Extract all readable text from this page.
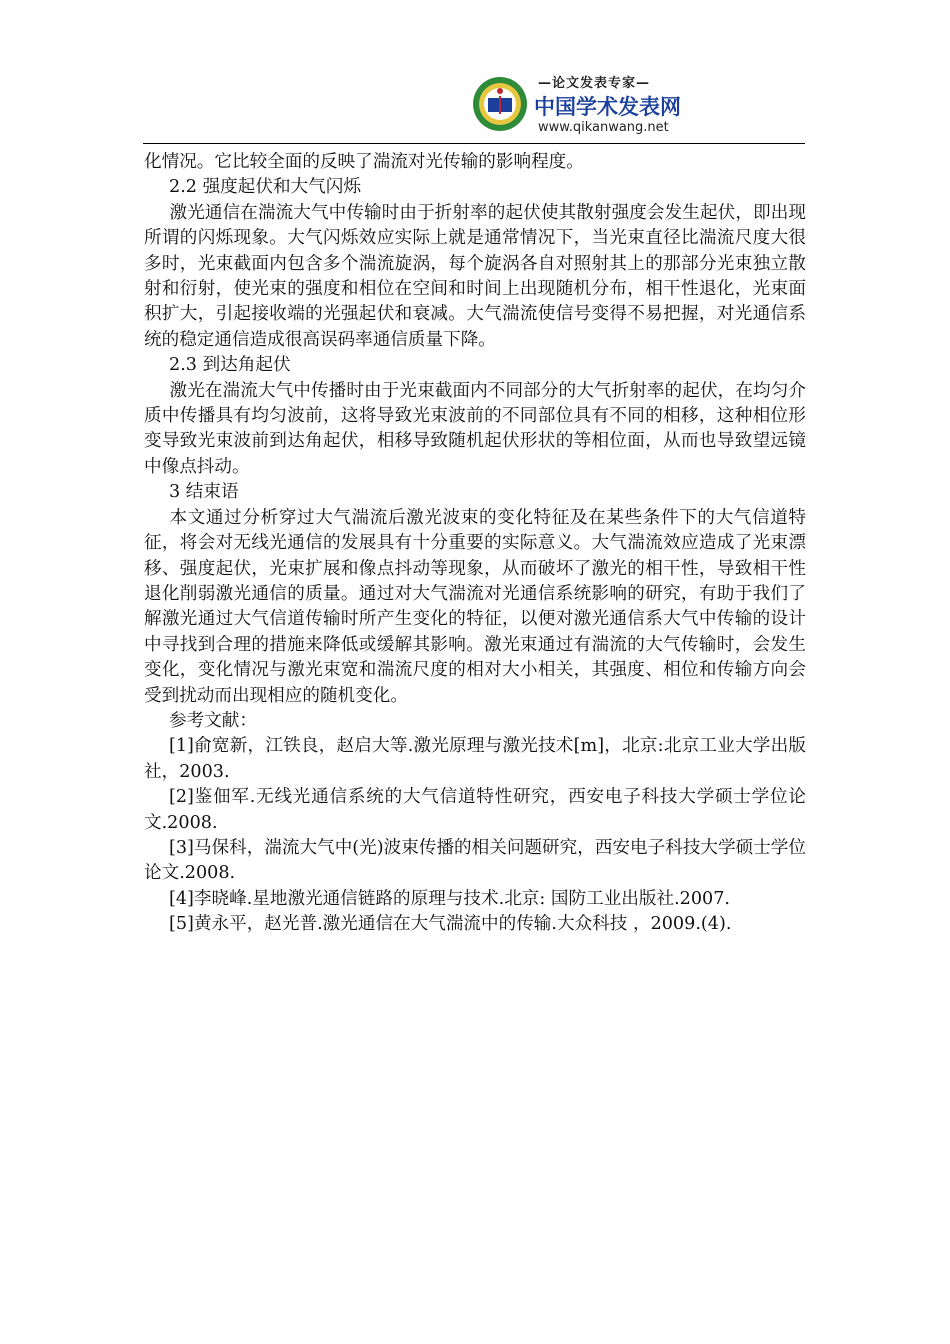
—论文发表专家—
中国学术发表网
www.qikanwang.net

化情况。它比较全面的反映了湍流对光传输的影响程度。

2.2 强度起伏和大气闪烁

激光通信在湍流大气中传输时由于折射率的起伏使其散射强度会发生起伏，即出现所谓的闪烁现象。大气闪烁效应实际上就是通常情况下，当光束直径比湍流尺度大很多时，光束截面内包含多个湍流旋涡，每个旋涡各自对照射其上的那部分光束独立散射和衍射，使光束的强度和相位在空间和时间上出现随机分布，相干性退化，光束面积扩大，引起接收端的光强起伏和衰减。大气湍流使信号变得不易把握，对光通信系统的稳定通信造成很高误码率通信质量下降。

2.3 到达角起伏

激光在湍流大气中传播时由于光束截面内不同部分的大气折射率的起伏，在均匀介质中传播具有均匀波前，这将导致光束波前的不同部位具有不同的相移，这种相位形变导致光束波前到达角起伏，相移导致随机起伏形状的等相位面，从而也导致望远镜中像点抖动。

3 结束语

本文通过分析穿过大气湍流后激光波束的变化特征及在某些条件下的大气信道特征，将会对无线光通信的发展具有十分重要的实际意义。大气湍流效应造成了光束漂移、强度起伏，光束扩展和像点抖动等现象，从而破坏了激光的相干性，导致相干性退化削弱激光通信的质量。通过对大气湍流对光通信系统影响的研究，有助于我们了解激光通过大气信道传输时所产生变化的特征，以便对激光通信系大气中传输的设计中寻找到合理的措施来降低或缓解其影响。激光束通过有湍流的大气传输时，会发生变化，变化情况与激光束宽和湍流尺度的相对大小相关，其强度、相位和传输方向会受到扰动而出现相应的随机变化。

参考文献：

[1]俞宽新，江铁良，赵启大等.激光原理与激光技术[m]，北京:北京工业大学出版社，2003.

[2]鉴佃军.无线光通信系统的大气信道特性研究，西安电子科技大学硕士学位论文.2008.

[3]马保科，湍流大气中(光)波束传播的相关问题研究，西安电子科技大学硕士学位论文.2008.

[4]李晓峰.星地激光通信链路的原理与技术.北京: 国防工业出版社.2007.

[5]黄永平，赵光普.激光通信在大气湍流中的传输.大众科技 ，2009.(4).
